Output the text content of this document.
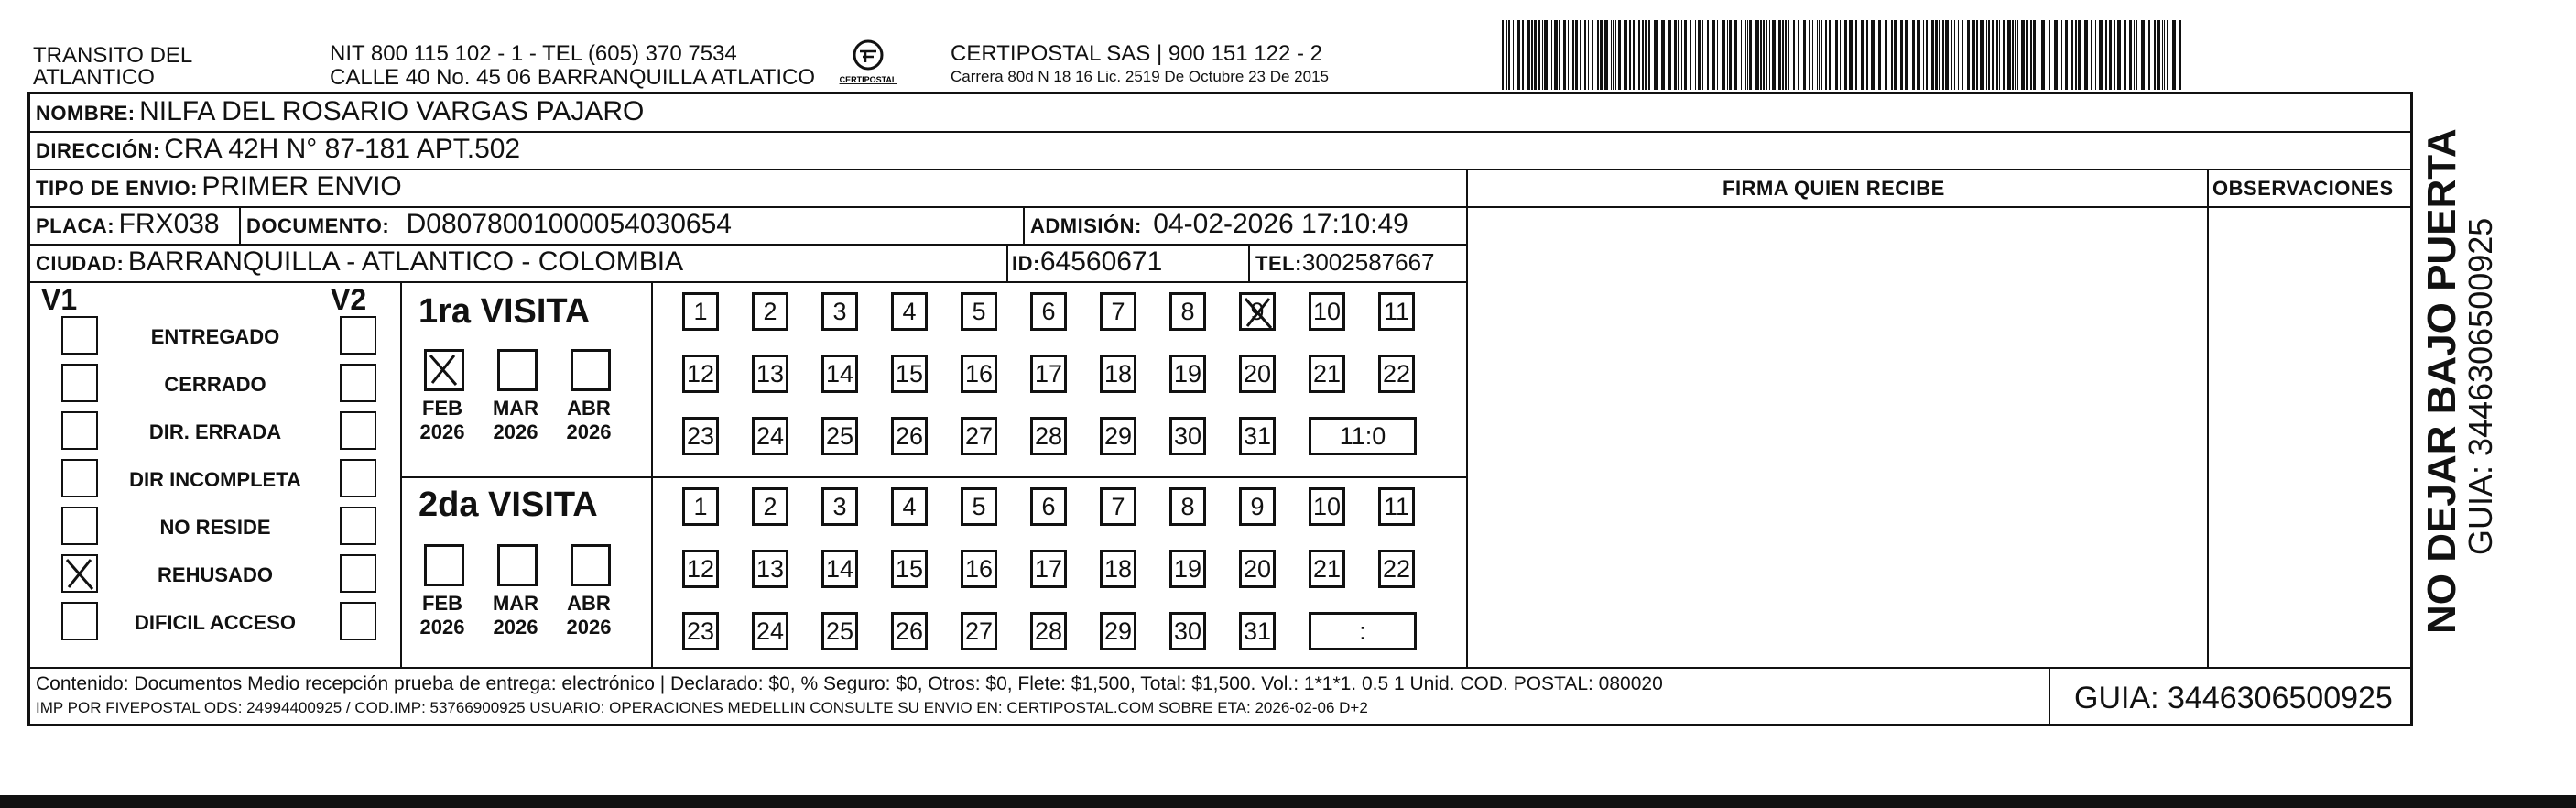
TRANSITO DEL
ATLANTICO
NIT 800 115 102 - 1 - TEL (605) 370 7534
CALLE 40 No. 45 06 BARRANQUILLA ATLATICO	CERTIPOSTAL
CERTIPOSTAL SAS | 900 151 122 - 2
Carrera 80d N 18 16 Lic. 2519 De Octubre 23 De 2015
NOMBRE: NILFA DEL ROSARIO VARGAS PAJARO
DIRECCIÓN: CRA 42H N° 87-181 APT.502
TIPO DE ENVIO: PRIMER ENVIO	FIRMA QUIEN RECIBE	OBSERVACIONES
PLACA: FRX038 DOCUMENTO: D08078001000054030654	ADMISIÓN: 04-02-2026 17:10:49
CIUDAD: BARRANQUILLA - ATLANTICO - COLOMBIA	ID:64560671	TEL:3002587667
V1	V2
ENTREGADO
CERRADO
DIR. ERRADA
DIR INCOMPLETA
NO RESIDE
REHUSADO
DIFICIL ACCESO
1ra VISITA
FEB
2026
MAR
2026
ABR
2026
1	2	3	4	5	6	7	8	9	10 11
12 13 14 15 16 17 18 19 20 21 22
23 24 25 26 27 28 29 30 31	11:0
2da VISITA
FEB
2026
MAR
2026
ABR
2026
1	2	3	4	5	6	7	8	9	10 11
12 13 14 15 16 17 18 19 20 21 22
23 24 25 26 27 28 29 30 31	:
Contenido: Documentos Medio recepción prueba de entrega: electrónico | Declarado: $0, % Seguro: $0, Otros: $0, Flete: $1,500, Total: $1,500. Vol.: 1*1*1. 0.5 1 Unid. COD. POSTAL: 080020
IMP POR FIVEPOSTAL ODS: 24994400925 / COD.IMP: 53766900925 USUARIO: OPERACIONES MEDELLIN CONSULTE SU ENVIO EN: CERTIPOSTAL.COM SOBRE ETA: 2026-02-06 D+2	GUIA: 3446306500925
NO DEJAR BAJO PUERTA
GUIA: 3446306500925
